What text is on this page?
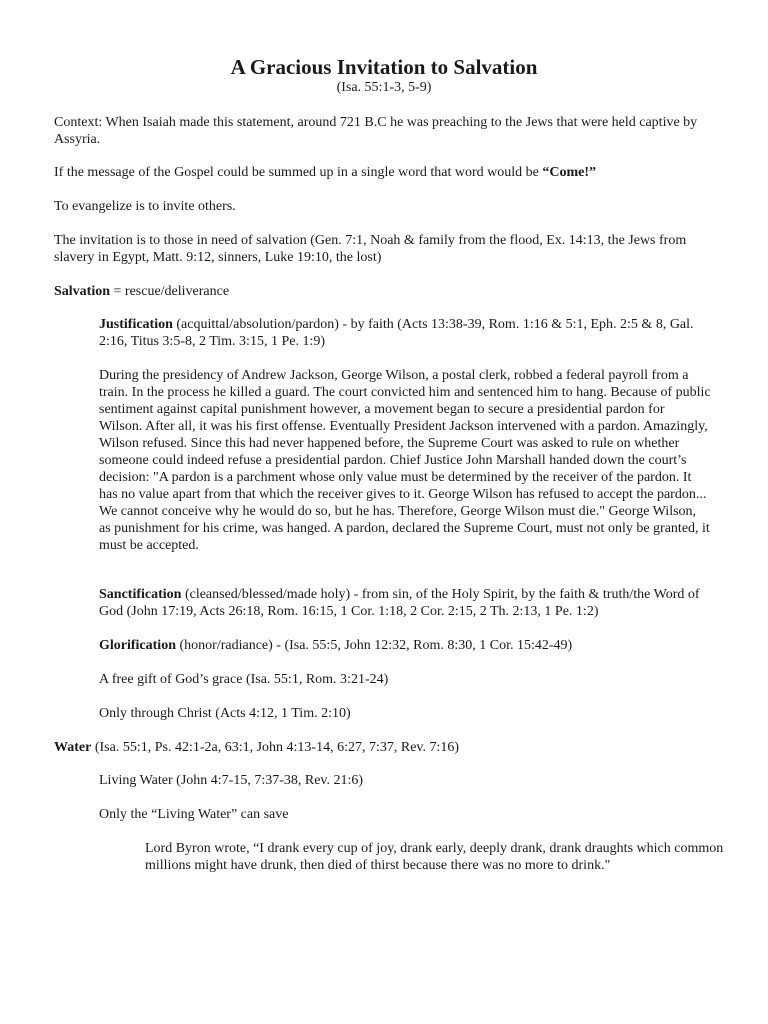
A Gracious Invitation to Salvation

(Isa. 55:1-3, 5-9)

Context: When Isaiah made this statement, around 721 B.C he was preaching to the Jews that were held captive by Assyria.

If the message of the Gospel could be summed up in a single word that word would be “Come!”

To evangelize is to invite others.

The invitation is to those in need of salvation (Gen. 7:1, Noah & family from the flood, Ex. 14:13, the Jews from slavery in Egypt, Matt. 9:12, sinners, Luke 19:10, the lost)

Salvation = rescue/deliverance

Justification (acquittal/absolution/pardon) - by faith (Acts 13:38-39, Rom. 1:16 & 5:1, Eph. 2:5 & 8, Gal. 2:16, Titus 3:5-8, 2 Tim. 3:15, 1 Pe. 1:9)

During the presidency of Andrew Jackson, George Wilson, a postal clerk, robbed a federal payroll from a train. In the process he killed a guard. The court convicted him and sentenced him to hang. Because of public sentiment against capital punishment however, a movement began to secure a presidential pardon for Wilson. After all, it was his first offense. Eventually President Jackson intervened with a pardon. Amazingly, Wilson refused. Since this had never happened before, the Supreme Court was asked to rule on whether someone could indeed refuse a presidential pardon. Chief Justice John Marshall handed down the court’s decision: "A pardon is a parchment whose only value must be determined by the receiver of the pardon. It has no value apart from that which the receiver gives to it. George Wilson has refused to accept the pardon... We cannot conceive why he would do so, but he has. Therefore, George Wilson must die." George Wilson, as punishment for his crime, was hanged. A pardon, declared the Supreme Court, must not only be granted, it must be accepted.

Sanctification (cleansed/blessed/made holy) - from sin, of the Holy Spirit, by the faith & truth/the Word of God (John 17:19, Acts 26:18, Rom. 16:15, 1 Cor. 1:18, 2 Cor. 2:15, 2 Th. 2:13, 1 Pe. 1:2)

Glorification (honor/radiance) - (Isa. 55:5, John 12:32, Rom. 8:30, 1 Cor. 15:42-49)

A free gift of God’s grace (Isa. 55:1, Rom. 3:21-24)

Only through Christ (Acts 4:12, 1 Tim. 2:10)

Water (Isa. 55:1, Ps. 42:1-2a, 63:1, John 4:13-14, 6:27, 7:37, Rev. 7:16)

Living Water (John 4:7-15, 7:37-38, Rev. 21:6)

Only the “Living Water” can save

Lord Byron wrote, “I drank every cup of joy, drank early, deeply drank, drank draughts which common millions might have drunk, then died of thirst because there was no more to drink."
